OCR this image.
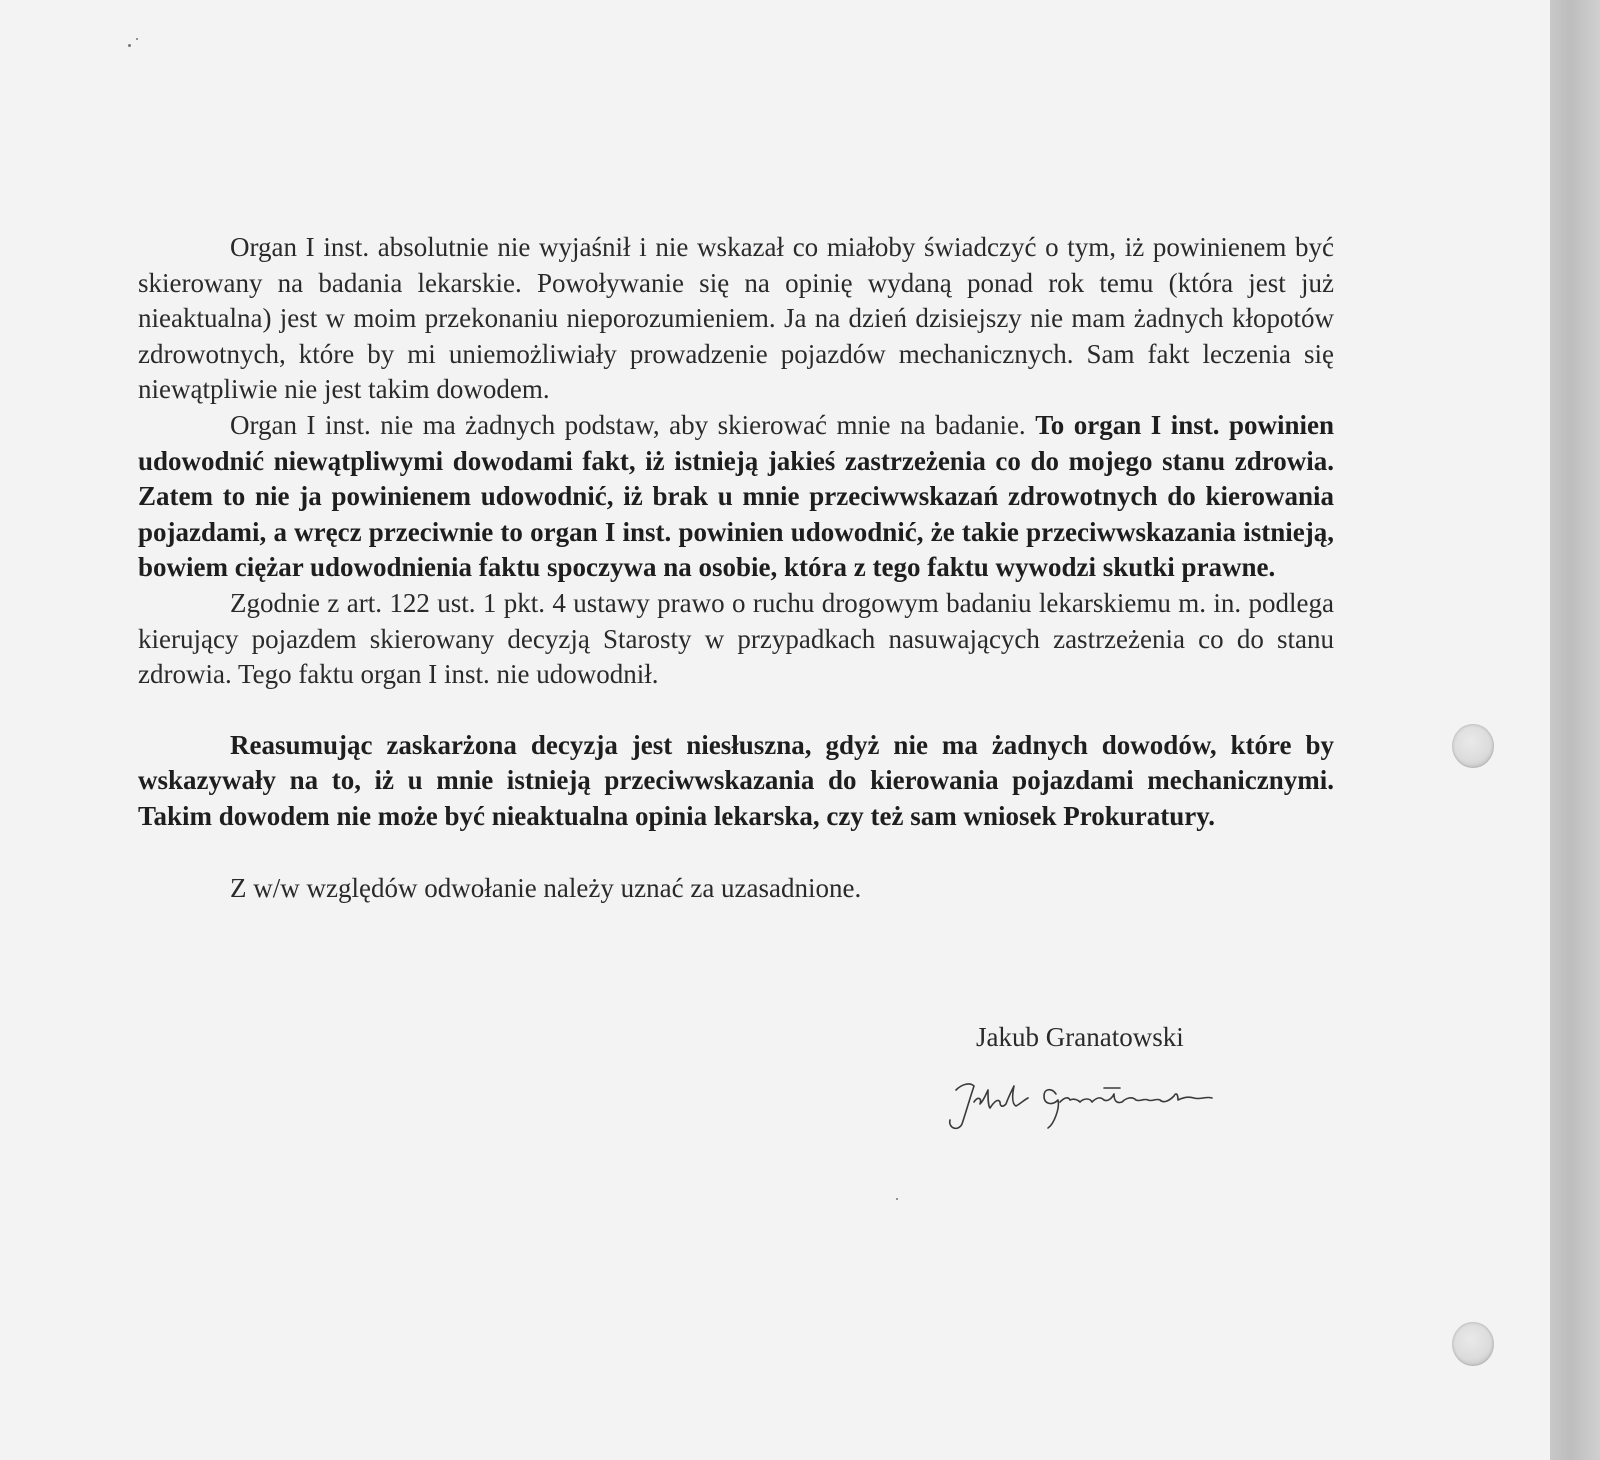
Organ I inst. absolutnie nie wyjaśnił i nie wskazał co miałoby świadczyć o tym, iż powinienem być skierowany na badania lekarskie. Powoływanie się na opinię wydaną ponad rok temu (która jest już nieaktualna) jest w moim przekonaniu nieporozumieniem. Ja na dzień dzisiejszy nie mam żadnych kłopotów zdrowotnych, które by mi uniemożliwiały prowadzenie pojazdów mechanicznych. Sam fakt leczenia się niewątpliwie nie jest takim dowodem.

Organ I inst. nie ma żadnych podstaw, aby skierować mnie na badanie. To organ I inst. powinien udowodnić niewątpliwymi dowodami fakt, iż istnieją jakieś zastrzeżenia co do mojego stanu zdrowia. Zatem to nie ja powinienem udowodnić, iż brak u mnie przeciwwskazań zdrowotnych do kierowania pojazdami, a wręcz przeciwnie to organ I inst. powinien udowodnić, że takie przeciwwskazania istnieją, bowiem ciężar udowodnienia faktu spoczywa na osobie, która z tego faktu wywodzi skutki prawne.

Zgodnie z art. 122 ust. 1 pkt. 4 ustawy prawo o ruchu drogowym badaniu lekarskiemu m. in. podlega kierujący pojazdem skierowany decyzją Starosty w przypadkach nasuwających zastrzeżenia co do stanu zdrowia. Tego faktu organ I inst. nie udowodnił.

Reasumując zaskarżona decyzja jest niesłuszna, gdyż nie ma żadnych dowodów, które by wskazywały na to, iż u mnie istnieją przeciwwskazania do kierowania pojazdami mechanicznymi. Takim dowodem nie może być nieaktualna opinia lekarska, czy też sam wniosek Prokuratury.

Z w/w względów odwołanie należy uznać za uzasadnione.

Jakub Granatowski
